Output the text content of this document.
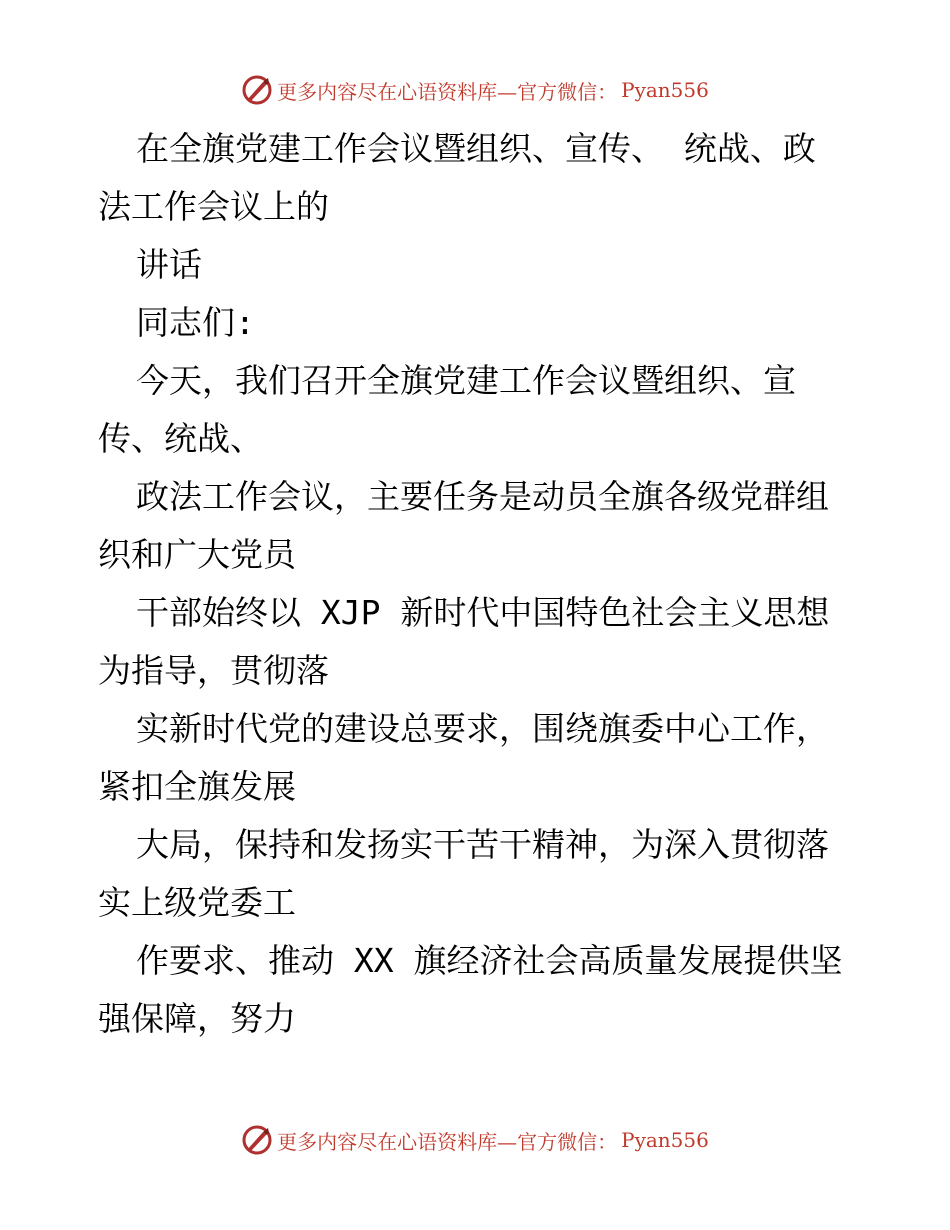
更多内容尽在心语资料库—官方微信： Pyan556
在全旗党建工作会议暨组织、宣传、 统战、政
法工作会议上的
讲话
同志们:
今天，我们召开全旗党建工作会议暨组织、宣
传、统战、
政法工作会议，主要任务是动员全旗各级党群组
织和广大党员
干部始终以 XJP 新时代中国特色社会主义思想
为指导，贯彻落
实新时代党的建设总要求，围绕旗委中心工作，
紧扣全旗发展
大局，保持和发扬实干苦干精神，为深入贯彻落
实上级党委工
作要求、推动 XX 旗经济社会高质量发展提供坚
强保障，努力
更多内容尽在心语资料库—官方微信： Pyan556
